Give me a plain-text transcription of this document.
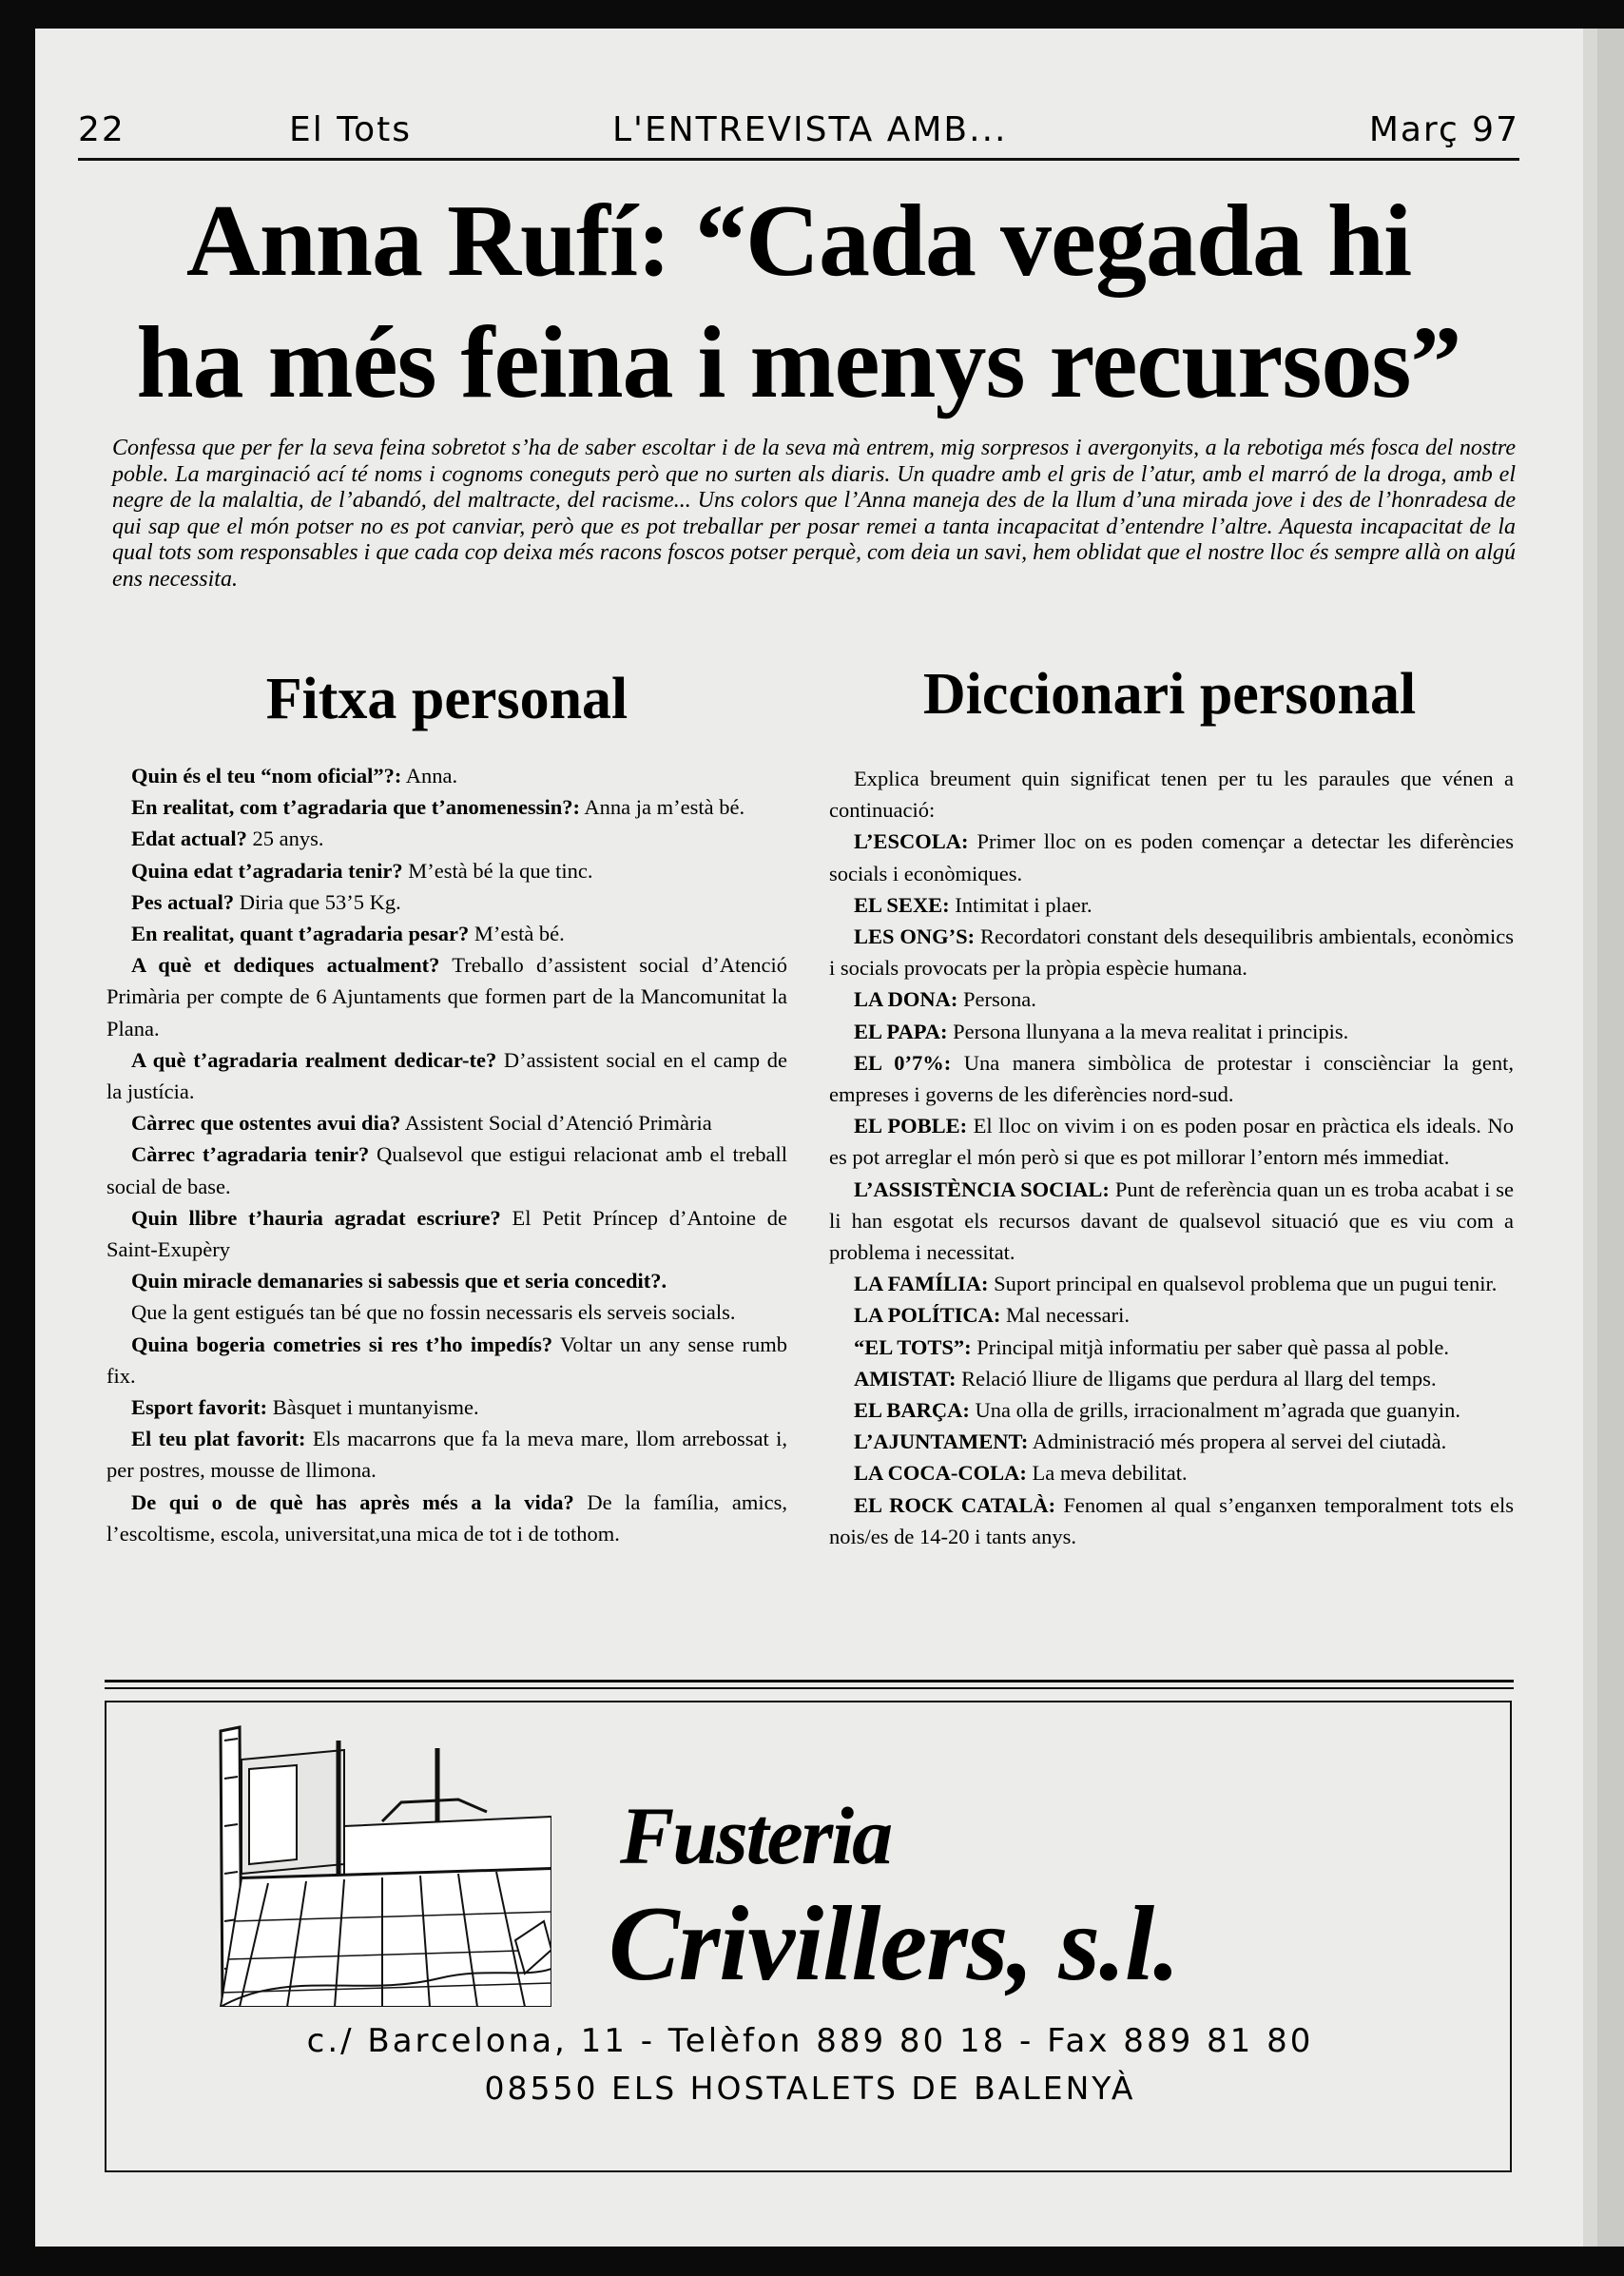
22	El Tots	L'ENTREVISTA AMB...	Març 97
Anna Rufí: “Cada vegada hi
ha més feina i menys recursos”
Confessa que per fer la seva feina sobretot s’ha de saber escoltar i de la seva mà entrem, mig sorpresos i avergonyits, a la rebotiga més fosca del nostre poble. La marginació ací té noms i cognoms coneguts però que no surten als diaris. Un quadre amb el gris de l’atur, amb el marró de la droga, amb el negre de la malaltia, de l’abandó, del maltracte, del racisme... Uns colors que l’Anna maneja des de la llum d’una mirada jove i des de l’honradesa de qui sap que el món potser no es pot canviar, però que es pot treballar per posar remei a tanta incapacitat d’entendre l’altre. Aquesta incapacitat de la qual tots som responsables i que cada cop deixa més racons foscos potser perquè, com deia un savi, hem oblidat que el nostre lloc és sempre allà on algú ens necessita.
Fitxa personal	Diccionari personal

Quin és el teu “nom oficial”?: Anna.

En realitat, com t’agradaria que t’anomenessin?: Anna ja m’està bé.

Edat actual? 25 anys.

Quina edat t’agradaria tenir? M’està bé la que tinc.

Pes actual? Diria que 53’5 Kg.

En realitat, quant t’agradaria pesar? M’està bé.

A què et dediques actualment? Treballo d’assistent social d’Atenció Primària per compte de 6 Ajuntaments que formen part de la Mancomunitat la Plana.

A què t’agradaria realment dedicar-te? D’assistent social en el camp de la justícia.

Càrrec que ostentes avui dia? Assistent Social d’Atenció Primària

Càrrec t’agradaria tenir? Qualsevol que estigui relacionat amb el treball social de base.

Quin llibre t’hauria agradat escriure? El Petit Príncep d’Antoine de Saint-Exupèry

Quin miracle demanaries si sabessis que et seria concedit?.

Que la gent estigués tan bé que no fossin necessaris els serveis socials.

Quina bogeria cometries si res t’ho impedís? Voltar un any sense rumb fix.

Esport favorit: Bàsquet i muntanyisme.

El teu plat favorit: Els macarrons que fa la meva mare, llom arrebossat i, per postres, mousse de llimona.

De qui o de què has après més a la vida? De la família, amics, l’escoltisme, escola, universitat,una mica de tot i de tothom.

Explica breument quin significat tenen per tu les paraules que vénen a continuació:

L’ESCOLA: Primer lloc on es poden començar a detectar les diferències socials i econòmiques.

EL SEXE: Intimitat i plaer.

LES ONG’S: Recordatori constant dels desequilibris ambientals, econòmics i socials provocats per la pròpia espècie humana.

LA DONA: Persona.

EL PAPA: Persona llunyana a la meva realitat i principis.

EL 0’7%: Una manera simbòlica de protestar i consciènciar la gent, empreses i governs de les diferències nord-sud.

EL POBLE: El lloc on vivim i on es poden posar en pràctica els ideals. No es pot arreglar el món però si que es pot millorar l’entorn més immediat.

L’ASSISTÈNCIA SOCIAL: Punt de referència quan un es troba acabat i se li han esgotat els recursos davant de qualsevol situació que es viu com a problema i necessitat.

LA FAMÍLIA: Suport principal en qualsevol problema que un pugui tenir.

LA POLÍTICA: Mal necessari.

“EL TOTS”: Principal mitjà informatiu per saber què passa al poble.

AMISTAT: Relació lliure de lligams que perdura al llarg del temps.

EL BARÇA: Una olla de grills, irracionalment m’agrada que guanyin.

L’AJUNTAMENT: Administració més propera al servei del ciutadà.

LA COCA-COLA: La meva debilitat.

EL ROCK CATALÀ: Fenomen al qual s’enganxen temporalment tots els nois/es de 14-20 i tants anys.

Fusteria
Crivillers, s.l.
c./ Barcelona, 11 - Telèfon 889 80 18 - Fax 889 81 80
08550 ELS HOSTALETS DE BALENYÀ
